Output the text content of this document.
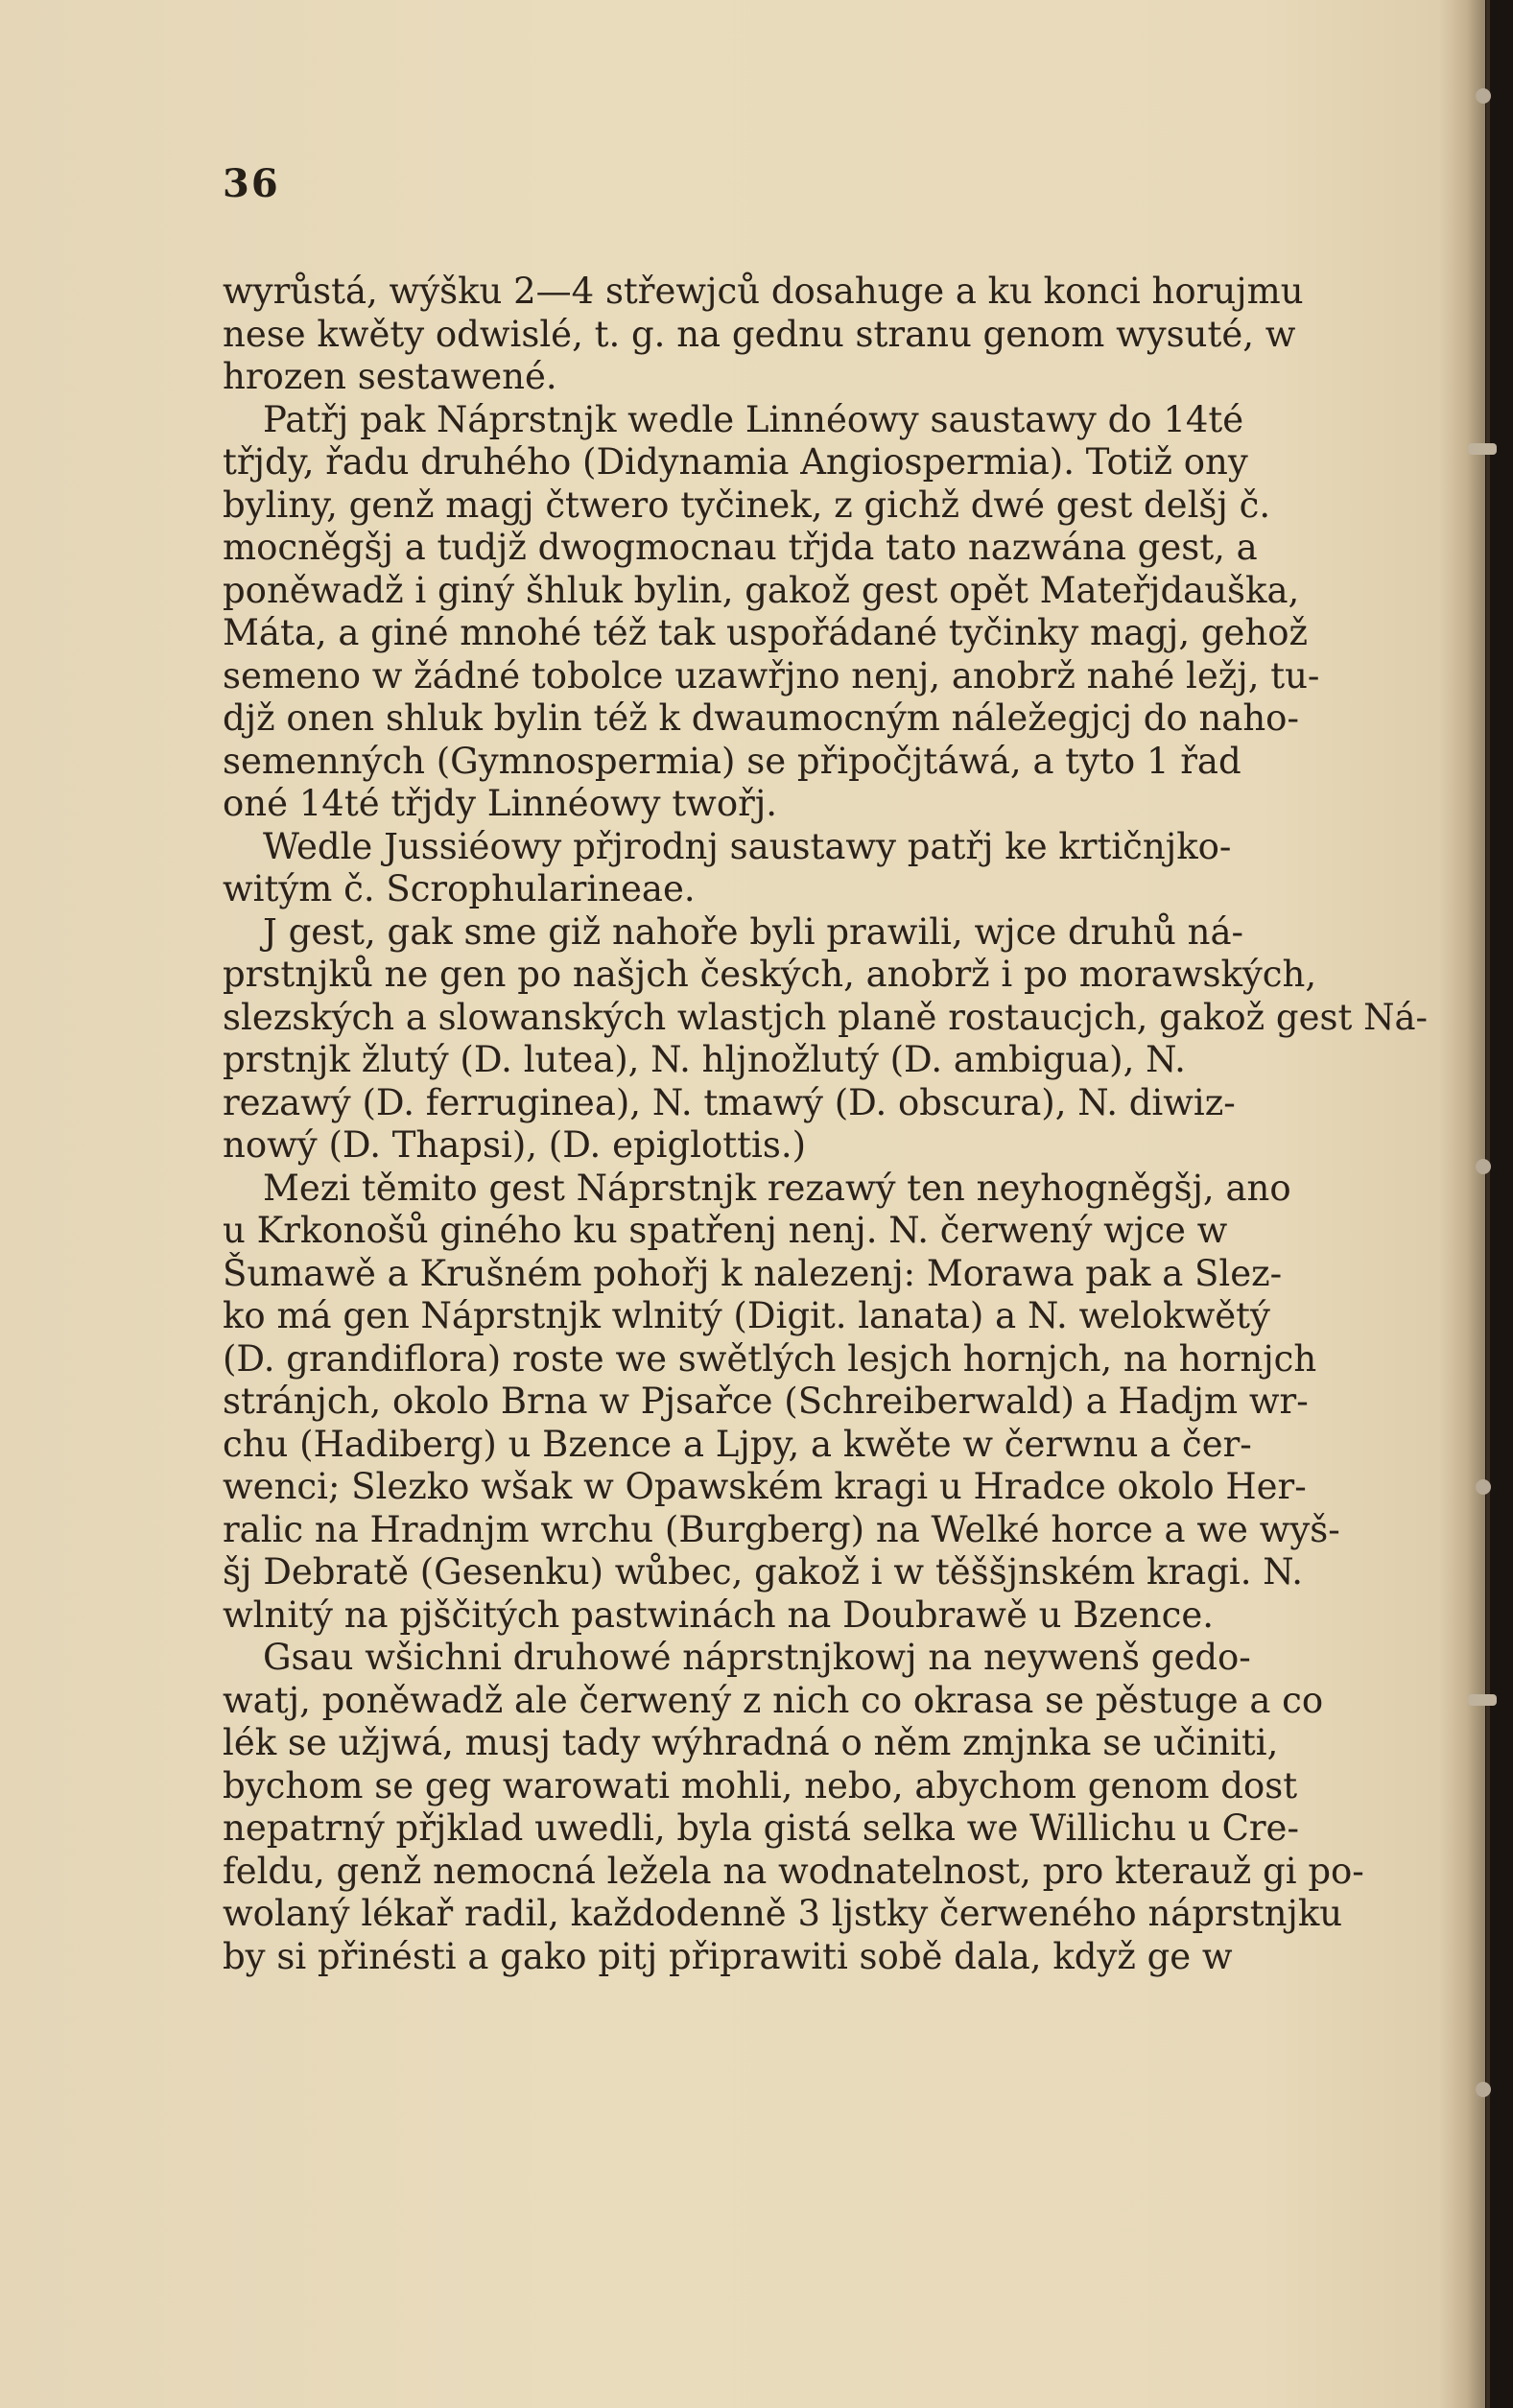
36
wyrůstá, wýšku 2—4 střewjců dosahuge a ku konci horujmu
nese kwěty odwislé, t. g. na gednu stranu genom wysuté, w
hrozen sestawené.
Patřj pak Náprstnjk wedle Linnéowy saustawy do 14té
třjdy, řadu druhého (Didynamia Angiospermia). Totiž ony
byliny, genž magj čtwero tyčinek, z gichž dwé gest delšj č.
mocněgšj a tudjž dwogmocnau třjda tato nazwána gest, a
poněwadž i giný šhluk bylin, gakož gest opět Mateřjdauška,
Máta, a giné mnohé též tak uspořádané tyčinky magj, gehož
semeno w žádné tobolce uzawřjno nenj, anobrž nahé ležj, tu-
djž onen shluk bylin též k dwaumocným náležegjcj do naho-
semenných (Gymnospermia) se připočjtáwá, a tyto 1 řad
oné 14té třjdy Linnéowy twořj.
Wedle Jussiéowy přjrodnj saustawy patřj ke krtičnjko-
witým č. Scrophularineae.
J gest, gak sme giž nahoře byli prawili, wjce druhů ná-
prstnjků ne gen po našjch českých, anobrž i po morawských,
slezských a slowanských wlastjch planě rostaucjch, gakož gest Ná-
prstnjk žlutý (D. lutea), N. hljnožlutý (D. ambigua), N.
rezawý (D. ferruginea), N. tmawý (D. obscura), N. diwiz-
nowý (D. Thapsi), (D. epiglottis.)
Mezi těmito gest Náprstnjk rezawý ten neyhogněgšj, ano
u Krkonošů giného ku spatřenj nenj. N. čerwený wjce w
Šumawě a Krušném pohořj k nalezenj: Morawa pak a Slez-
ko má gen Náprstnjk wlnitý (Digit. lanata) a N. welokwětý
(D. grandiflora) roste we swětlých lesjch hornjch, na hornjch
stránjch, okolo Brna w Pjsařce (Schreiberwald) a Hadjm wr-
chu (Hadiberg) u Bzence a Ljpy, a kwěte w čerwnu a čer-
wenci; Slezko wšak w Opawském kragi u Hradce okolo Her-
ralic na Hradnjm wrchu (Burgberg) na Welké horce a we wyš-
šj Debratě (Gesenku) wůbec, gakož i w těššjnském kragi. N.
wlnitý na pjščitých pastwinách na Doubrawě u Bzence.
Gsau wšichni druhowé náprstnjkowj na neywenš gedo-
watj, poněwadž ale čerwený z nich co okrasa se pěstuge a co
lék se užjwá, musj tady wýhradná o něm zmjnka se učiniti,
bychom se geg warowati mohli, nebo, abychom genom dost
nepatrný přjklad uwedli, byla gistá selka we Willichu u Cre-
feldu, genž nemocná ležela na wodnatelnost, pro kterauž gi po-
wolaný lékař radil, každodenně 3 ljstky čerweného náprstnjku
by si přinésti a gako pitj připrawiti sobě dala, když ge w
